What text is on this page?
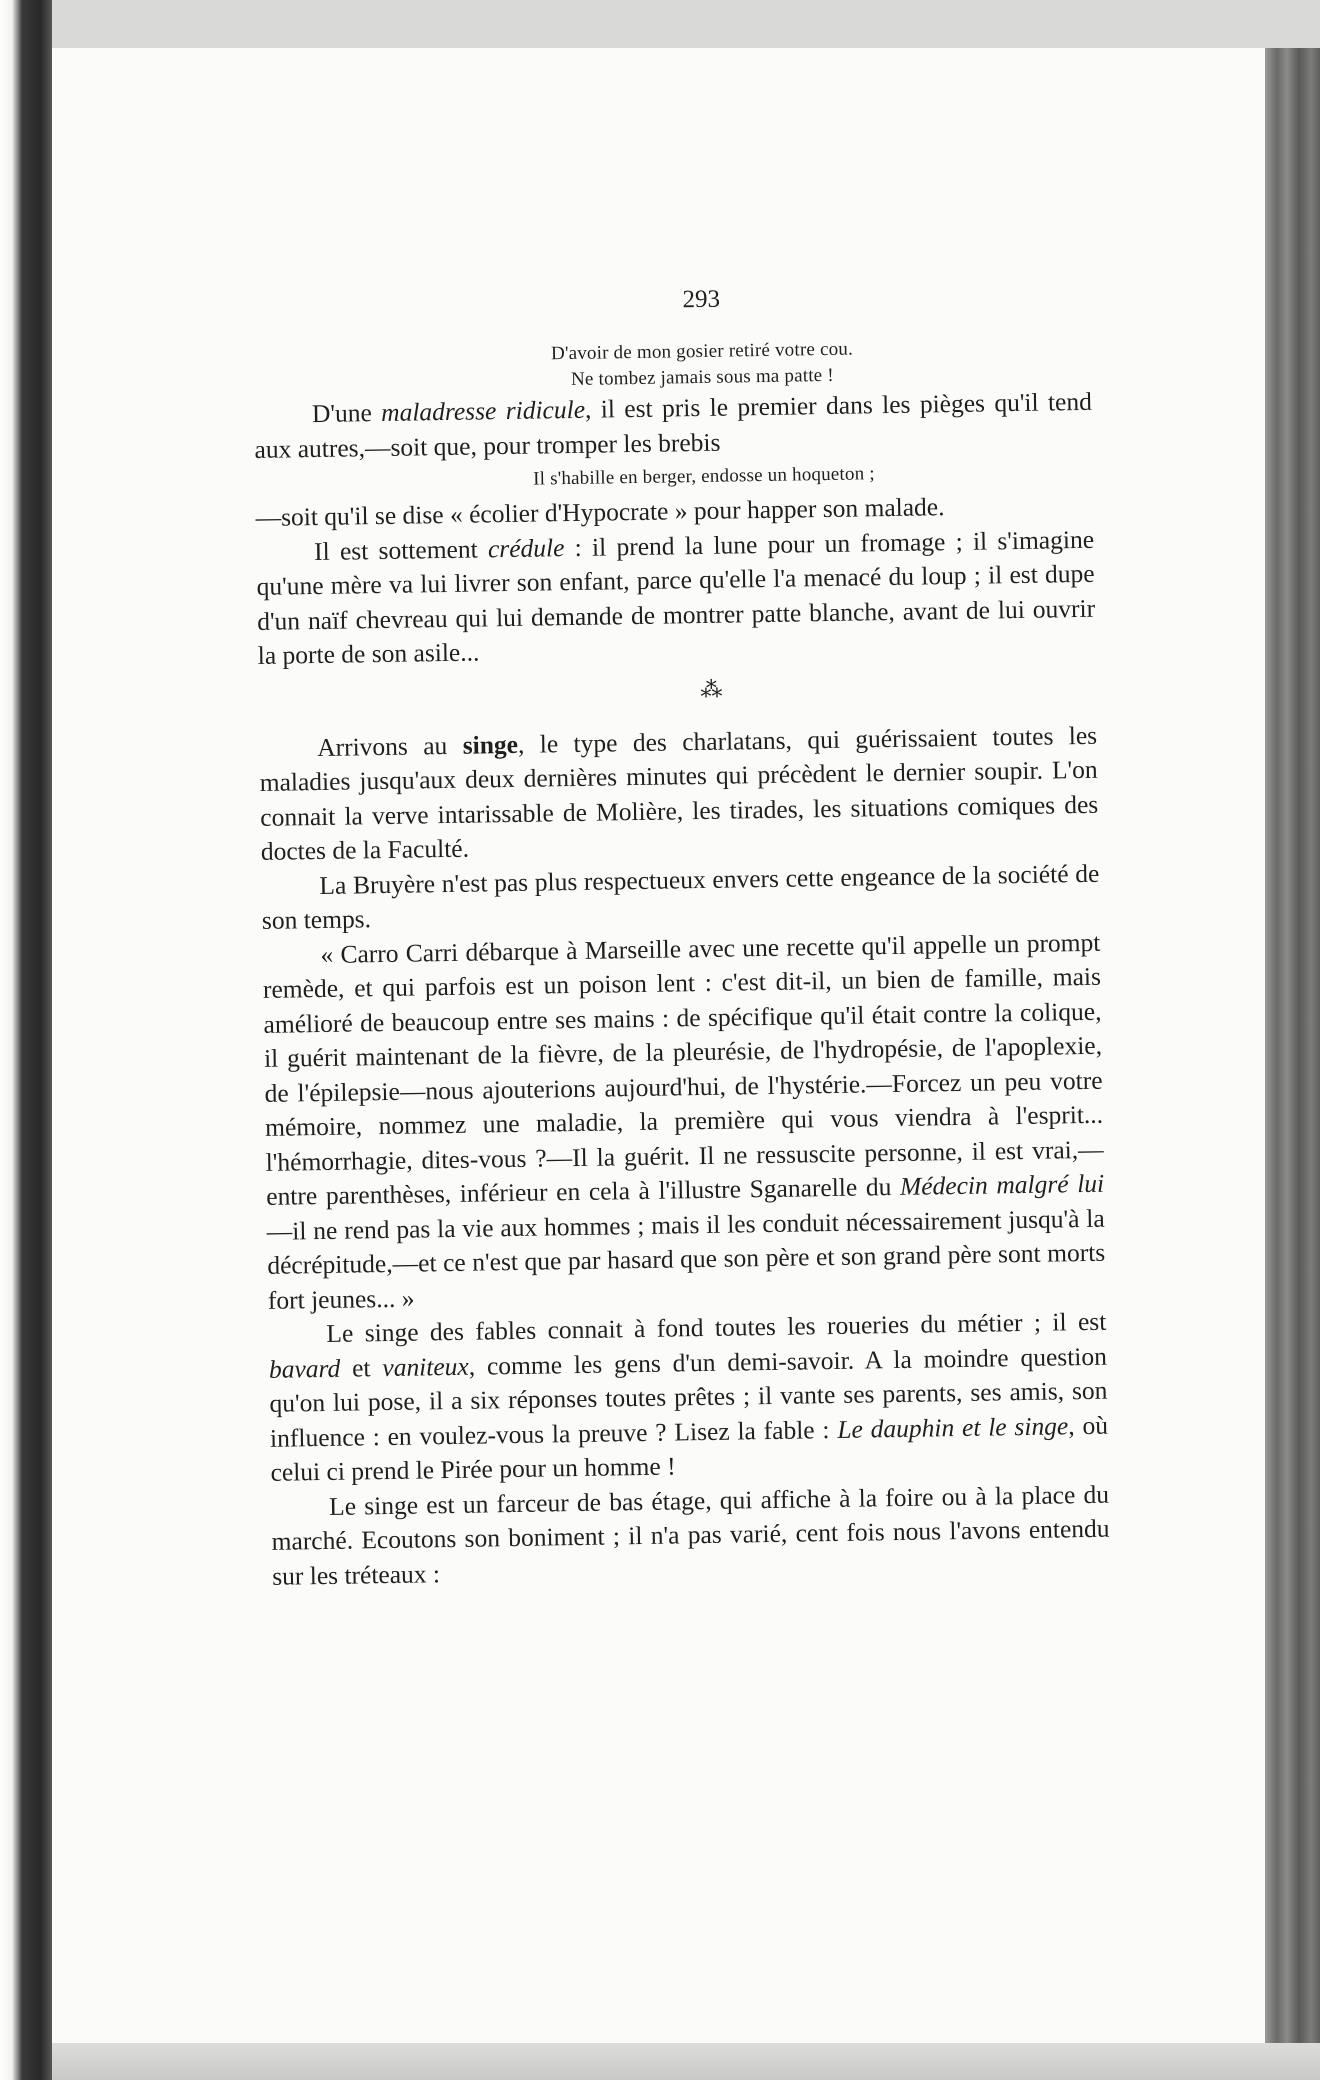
293
D'avoir de mon gosier retiré votre cou.
Ne tombez jamais sous ma patte !

D'une maladresse ridicule, il est pris le premier dans les pièges qu'il tend aux autres,—soit que, pour tromper les brebis

Il s'habille en berger, endosse un hoqueton ;

—soit qu'il se dise « écolier d'Hypocrate » pour happer son malade.

Il est sottement crédule : il prend la lune pour un fromage ; il s'imagine qu'une mère va lui livrer son enfant, parce qu'elle l'a menacé du loup ; il est dupe d'un naïf chevreau qui lui demande de montrer patte blanche, avant de lui ouvrir la porte de son asile...

⁂

Arrivons au singe, le type des charlatans, qui guérissaient toutes les maladies jusqu'aux deux dernières minutes qui précèdent le dernier soupir. L'on connait la verve intarissable de Molière, les tirades, les situations comiques des doctes de la Faculté.

La Bruyère n'est pas plus respectueux envers cette engeance de la société de son temps.

« Carro Carri débarque à Marseille avec une recette qu'il appelle un prompt remède, et qui parfois est un poison lent : c'est dit-il, un bien de famille, mais amélioré de beaucoup entre ses mains : de spécifique qu'il était contre la colique, il guérit maintenant de la fièvre, de la pleurésie, de l'hydropésie, de l'apoplexie, de l'épilepsie—nous ajouterions aujourd'hui, de l'hystérie.—Forcez un peu votre mémoire, nommez une maladie, la première qui vous viendra à l'esprit... l'hémorrhagie, dites-vous ?—Il la guérit. Il ne ressuscite personne, il est vrai,—entre parenthèses, inférieur en cela à l'illustre Sganarelle du Médecin malgré lui—il ne rend pas la vie aux hommes ; mais il les conduit nécessairement jusqu'à la décrépitude,—et ce n'est que par hasard que son père et son grand père sont morts fort jeunes... »

Le singe des fables connait à fond toutes les roueries du métier ; il est bavard et vaniteux, comme les gens d'un demi-savoir. A la moindre question qu'on lui pose, il a six réponses toutes prêtes ; il vante ses parents, ses amis, son influence : en voulez-vous la preuve ? Lisez la fable : Le dauphin et le singe, où celui ci prend le Pirée pour un homme !

Le singe est un farceur de bas étage, qui affiche à la foire ou à la place du marché. Ecoutons son boniment ; il n'a pas varié, cent fois nous l'avons entendu sur les tréteaux :
